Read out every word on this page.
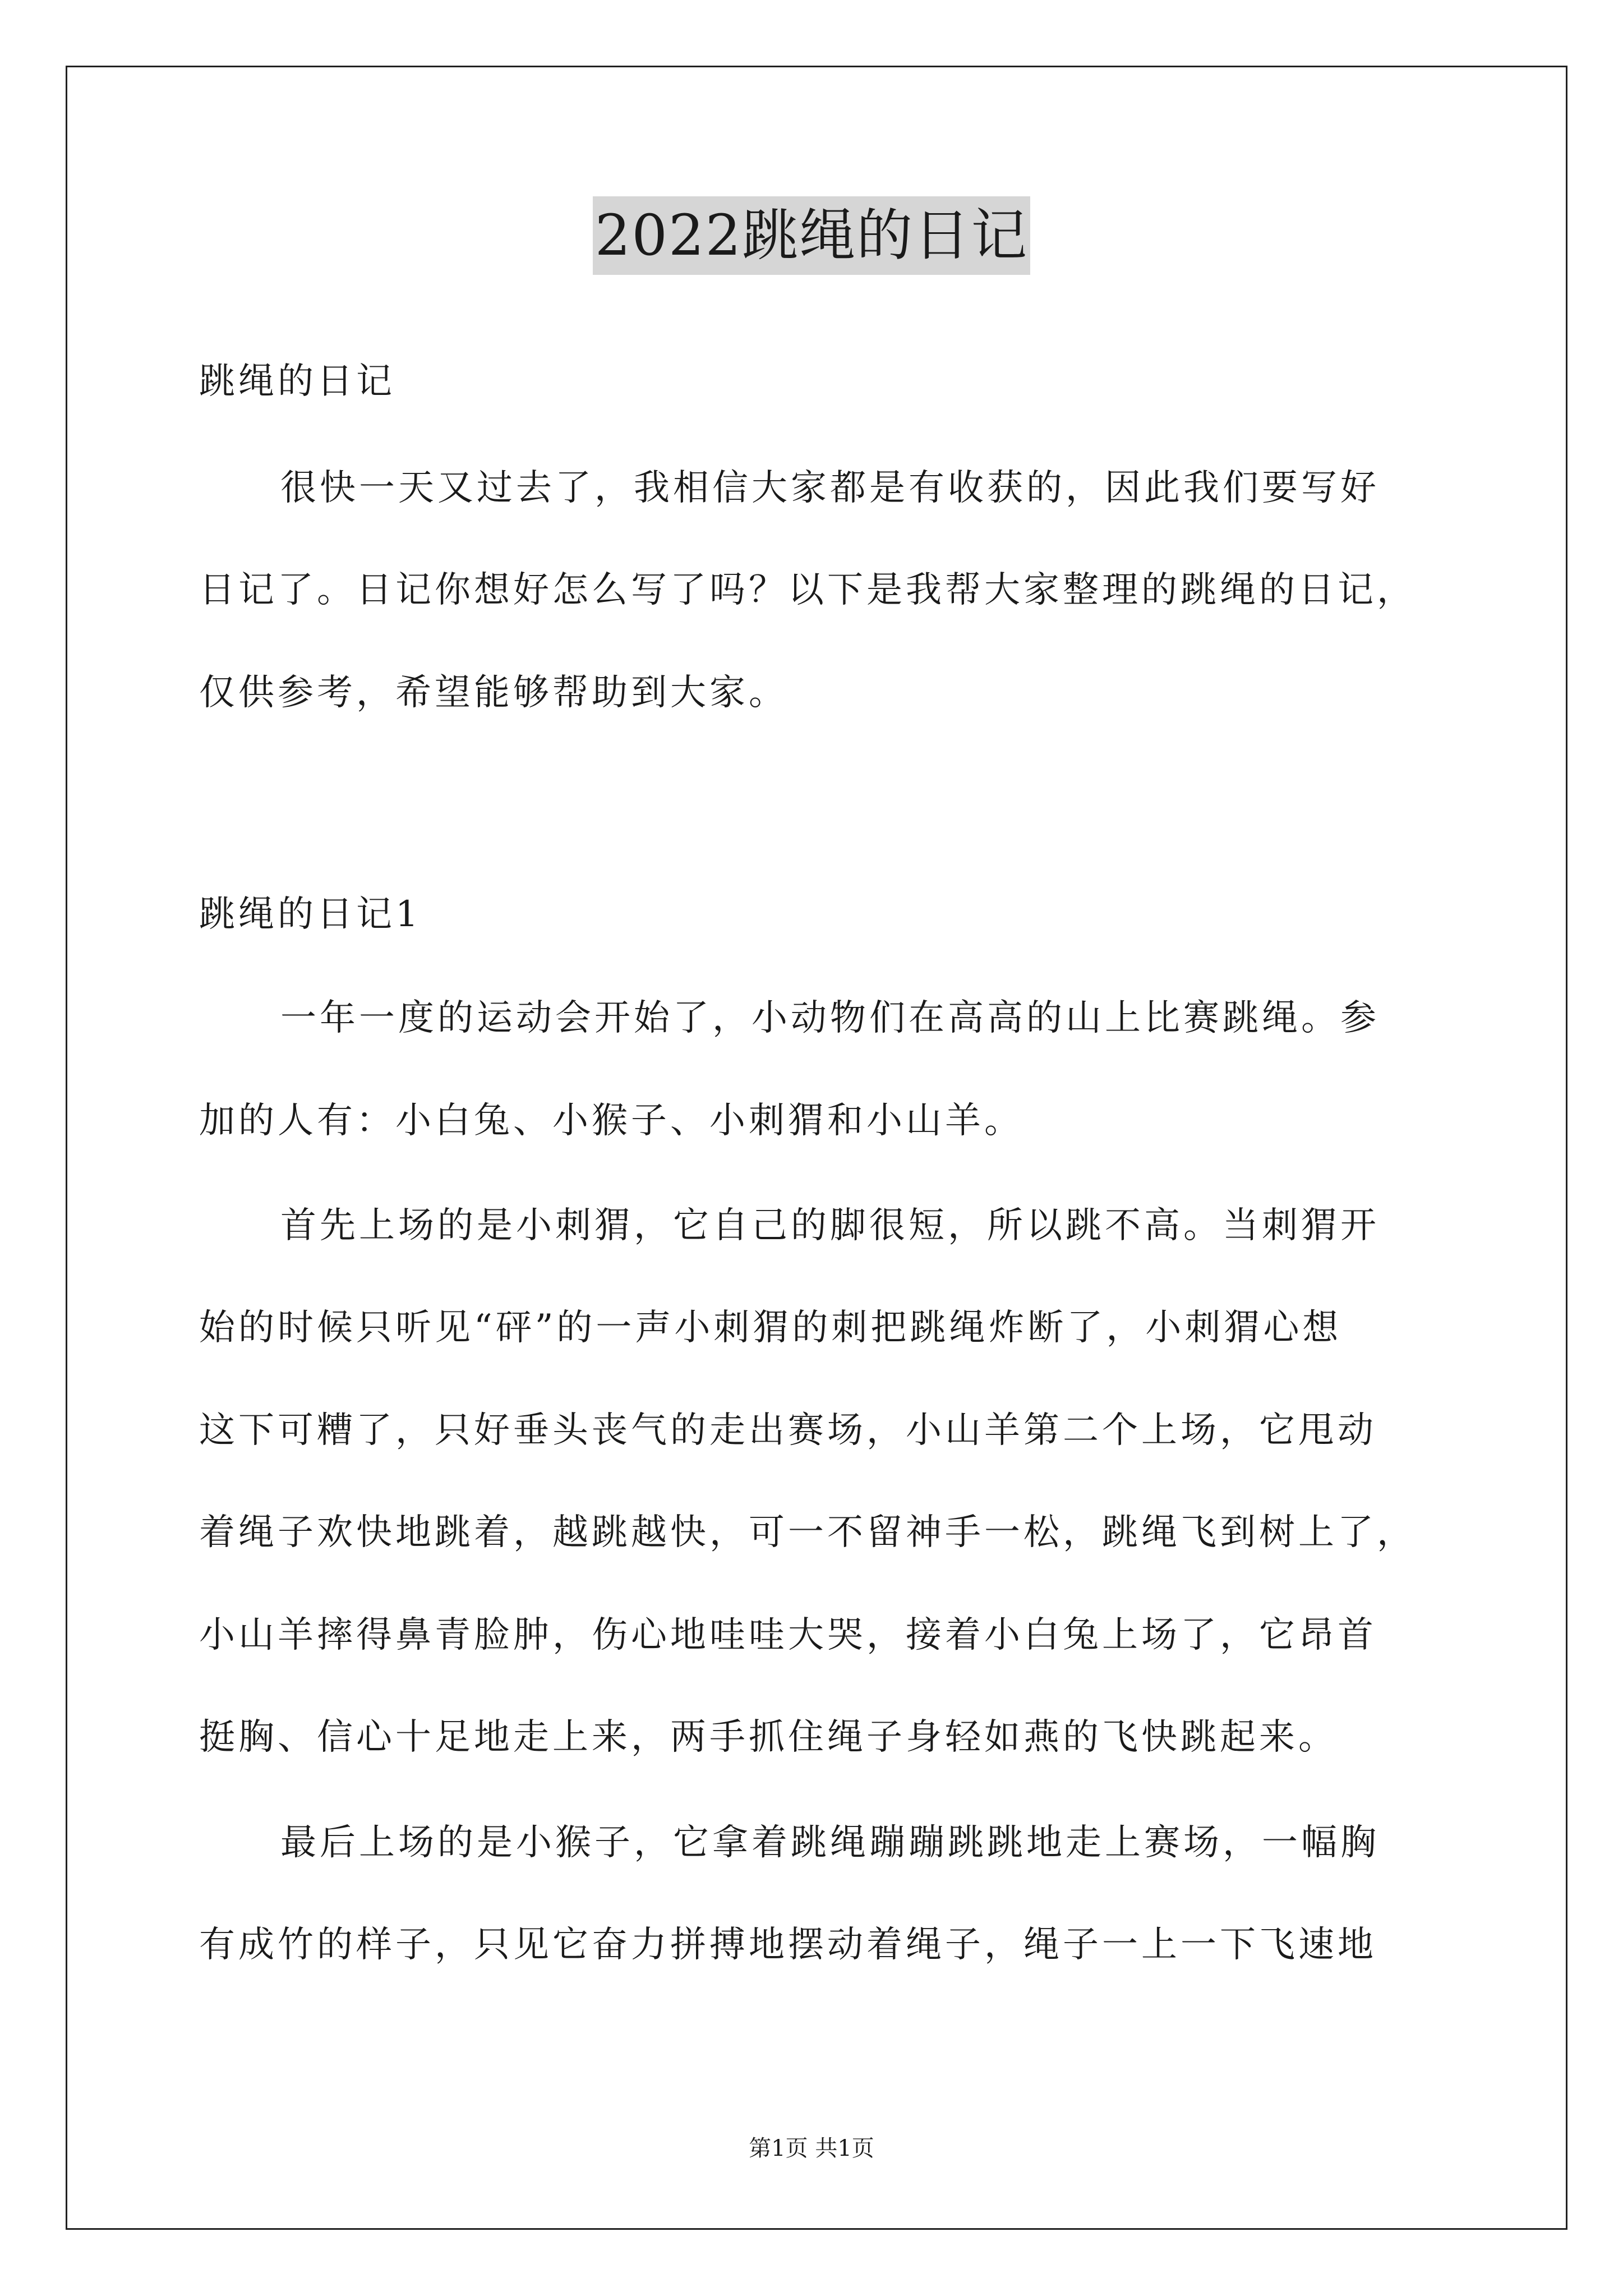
2022跳绳的日记
跳绳的日记
很快一天又过去了，我相信大家都是有收获的，因此我们要写好
日记了。日记你想好怎么写了吗？以下是我帮大家整理的跳绳的日记，
仅供参考，希望能够帮助到大家。
跳绳的日记1
一年一度的运动会开始了，小动物们在高高的山上比赛跳绳。参
加的人有：小白兔、小猴子、小刺猬和小山羊。
首先上场的是小刺猬，它自己的脚很短，所以跳不高。当刺猬开
始的时候只听见“砰”的一声小刺猬的刺把跳绳炸断了，小刺猬心想
这下可糟了，只好垂头丧气的走出赛场，小山羊第二个上场，它甩动
着绳子欢快地跳着，越跳越快，可一不留神手一松，跳绳飞到树上了，
小山羊摔得鼻青脸肿，伤心地哇哇大哭，接着小白兔上场了，它昂首
挺胸、信心十足地走上来，两手抓住绳子身轻如燕的飞快跳起来。
最后上场的是小猴子，它拿着跳绳蹦蹦跳跳地走上赛场，一幅胸
有成竹的样子，只见它奋力拼搏地摆动着绳子，绳子一上一下飞速地
第1页 共1页
